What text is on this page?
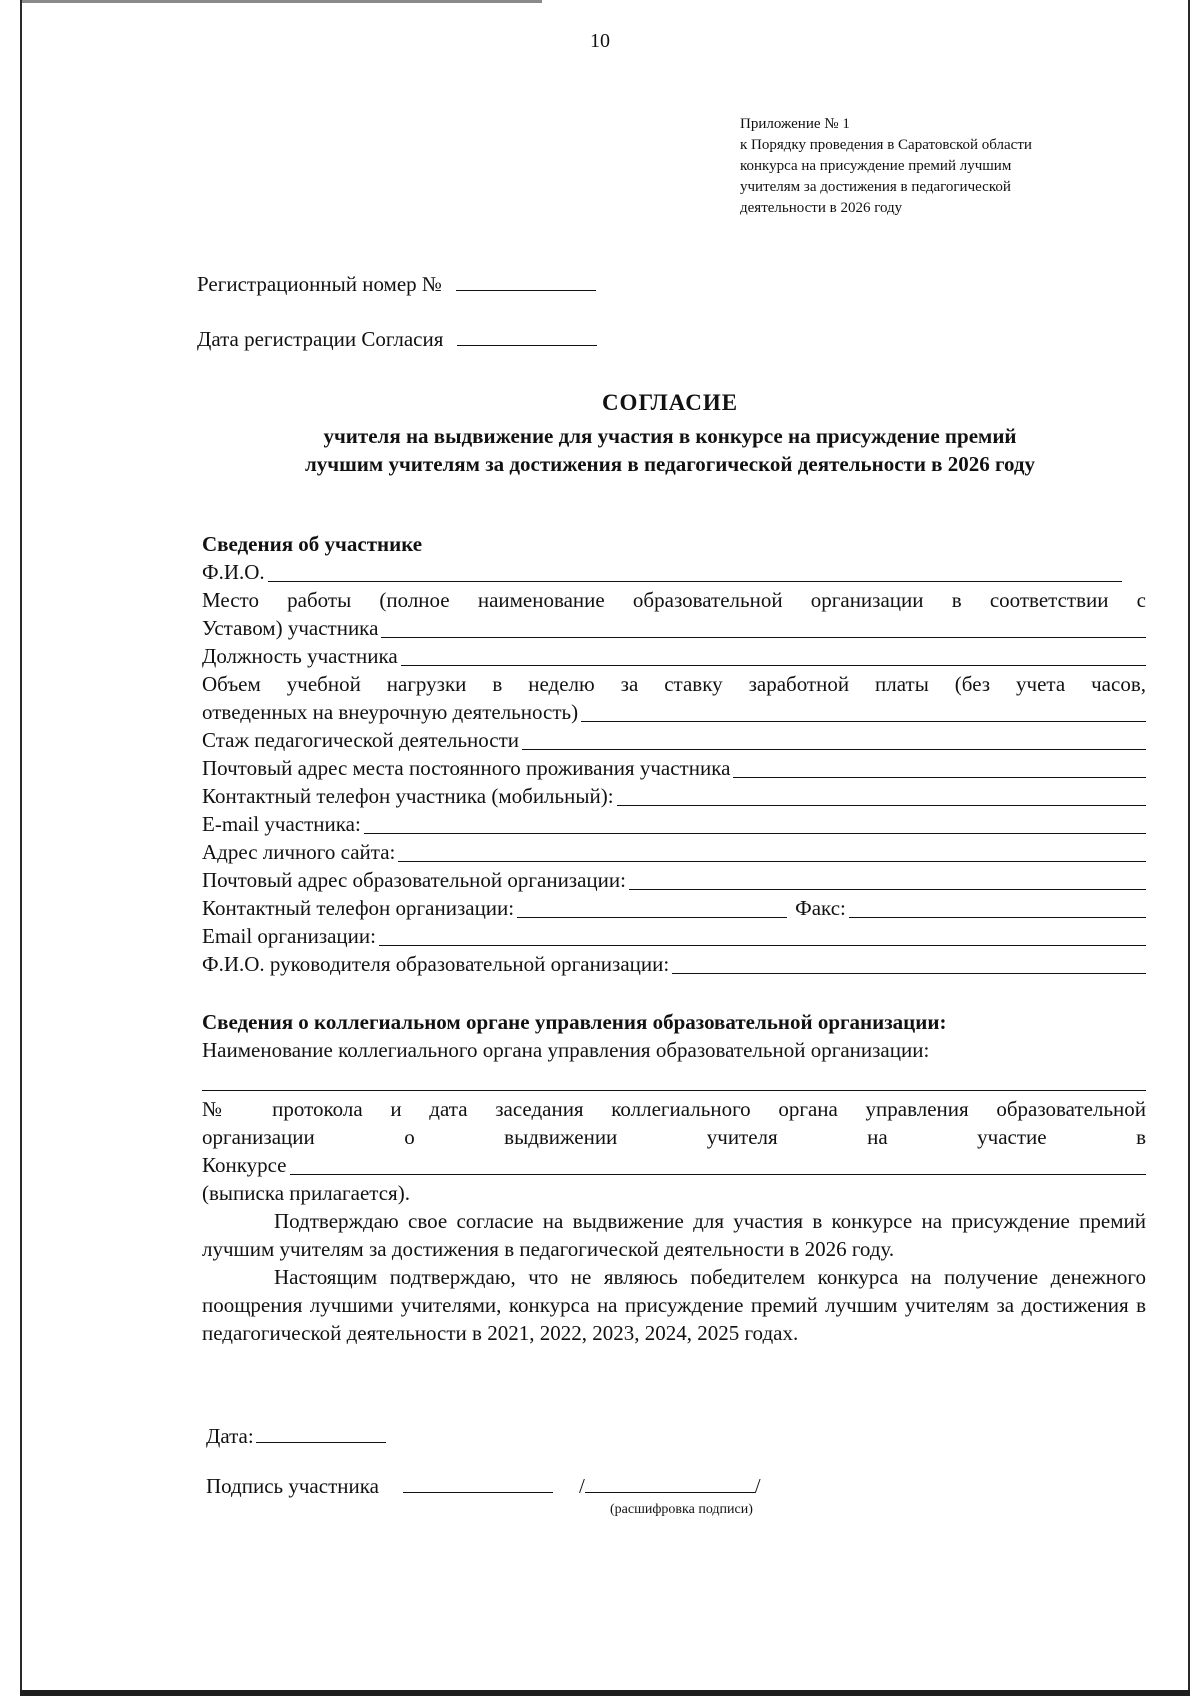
10
Приложение № 1
к Порядку проведения в Саратовской области
конкурса на присуждение премий лучшим
учителям за достижения в педагогической
деятельности в 2026 году
Регистрационный номер №
Дата регистрации Согласия
СОГЛАСИЕ
учителя на выдвижение для участия в конкурсе на присуждение премий
лучшим учителям за достижения в педагогической деятельности в 2026 году
Сведения об участнике
Ф.И.О.
Место работы (полное наименование образовательной организации в соответствии с
Уставом) участника
Должность участника
Объем учебной нагрузки в неделю за ставку заработной платы (без учета часов,
отведенных на внеурочную деятельность)
Стаж педагогической деятельности
Почтовый адрес места постоянного проживания участника
Контактный телефон участника (мобильный):
E-mail участника:
Адрес личного сайта:
Почтовый адрес образовательной организации:
Контактный телефон организации:	Факс:
Email организации:
Ф.И.О. руководителя образовательной организации:
Сведения о коллегиальном органе управления образовательной организации:
Наименование коллегиального органа управления образовательной организации:
№ протокола и дата заседания коллегиального органа управления образовательной
организации о выдвижении учителя на участие в
Конкурсе
(выписка прилагается).
Подтверждаю свое согласие на выдвижение для участия в конкурсе на присуждение премий лучшим учителям за достижения в педагогической деятельности в 2026 году.
Настоящим подтверждаю, что не являюсь победителем конкурса на получение денежного поощрения лучшими учителями, конкурса на присуждение премий лучшим учителям за достижения в педагогической деятельности в 2021, 2022, 2023, 2024, 2025 годах.
Дата:
Подпись участника	/	/
(расшифровка подписи)
